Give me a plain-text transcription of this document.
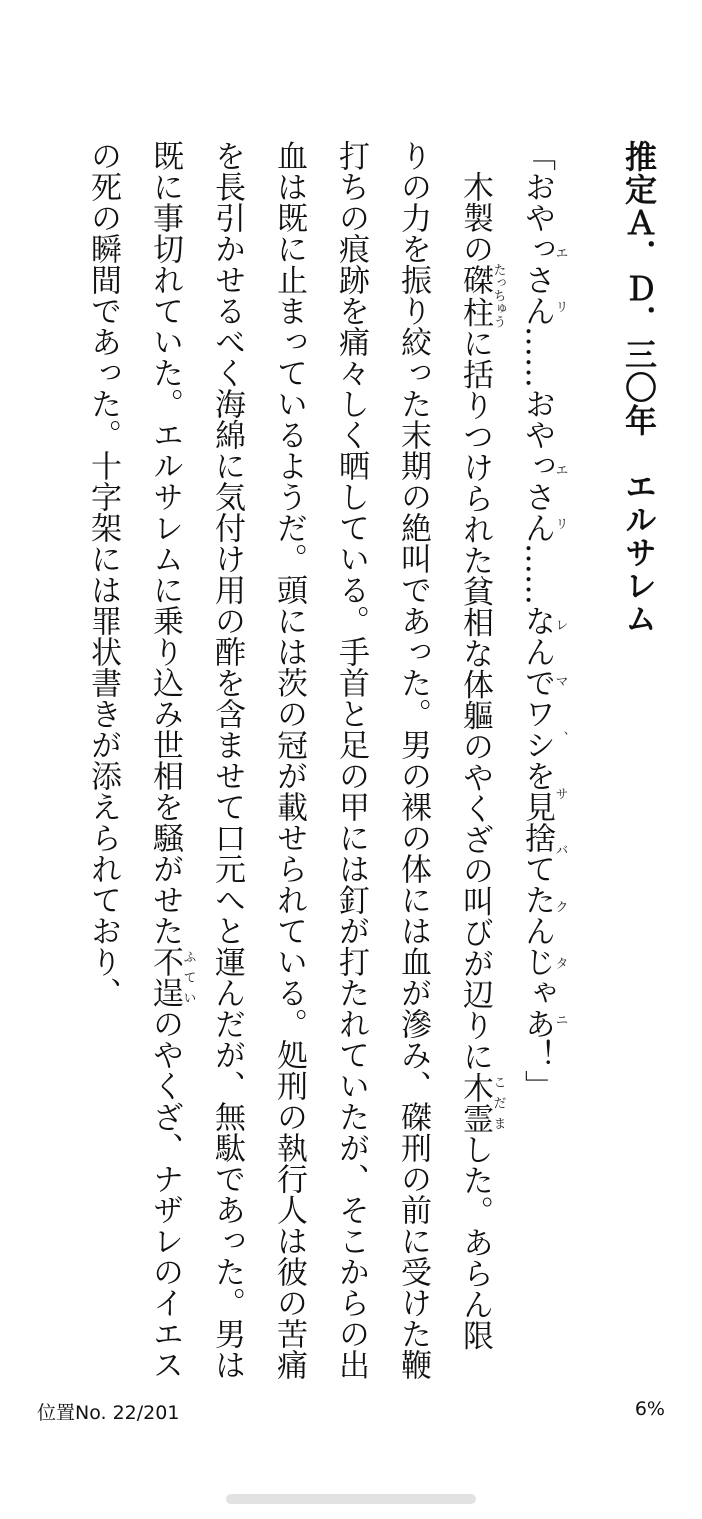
推定Ａ．Ｄ．三〇年　エルサレム

「おやっさんエリ……おやっさんエリ……なんでワシを見捨てたんじゃあレマ、サバクタニ！」

木製の磔柱たっちゅうに括りつけられた貧相な体軀のやくざの叫びが辺りに木霊こだました。あらん限りの力を振り絞った末期の絶叫であった。男の裸の体には血が滲み、磔刑の前に受けた鞭打ちの痕跡を痛々しく晒している。手首と足の甲には釘が打たれていたが、そこからの出血は既に止まっているようだ。頭には茨の冠が載せられている。処刑の執行人は彼の苦痛を長引かせるべく海綿に気付け用の酢を含ませて口元へと運んだが、無駄であった。男は既に事切れていた。エルサレムに乗り込み世相を騒がせた不逞ふていのやくざ、ナザレのイエスの死の瞬間であった。十字架には罪状書きが添えられており、

位置No. 22/201	6%
